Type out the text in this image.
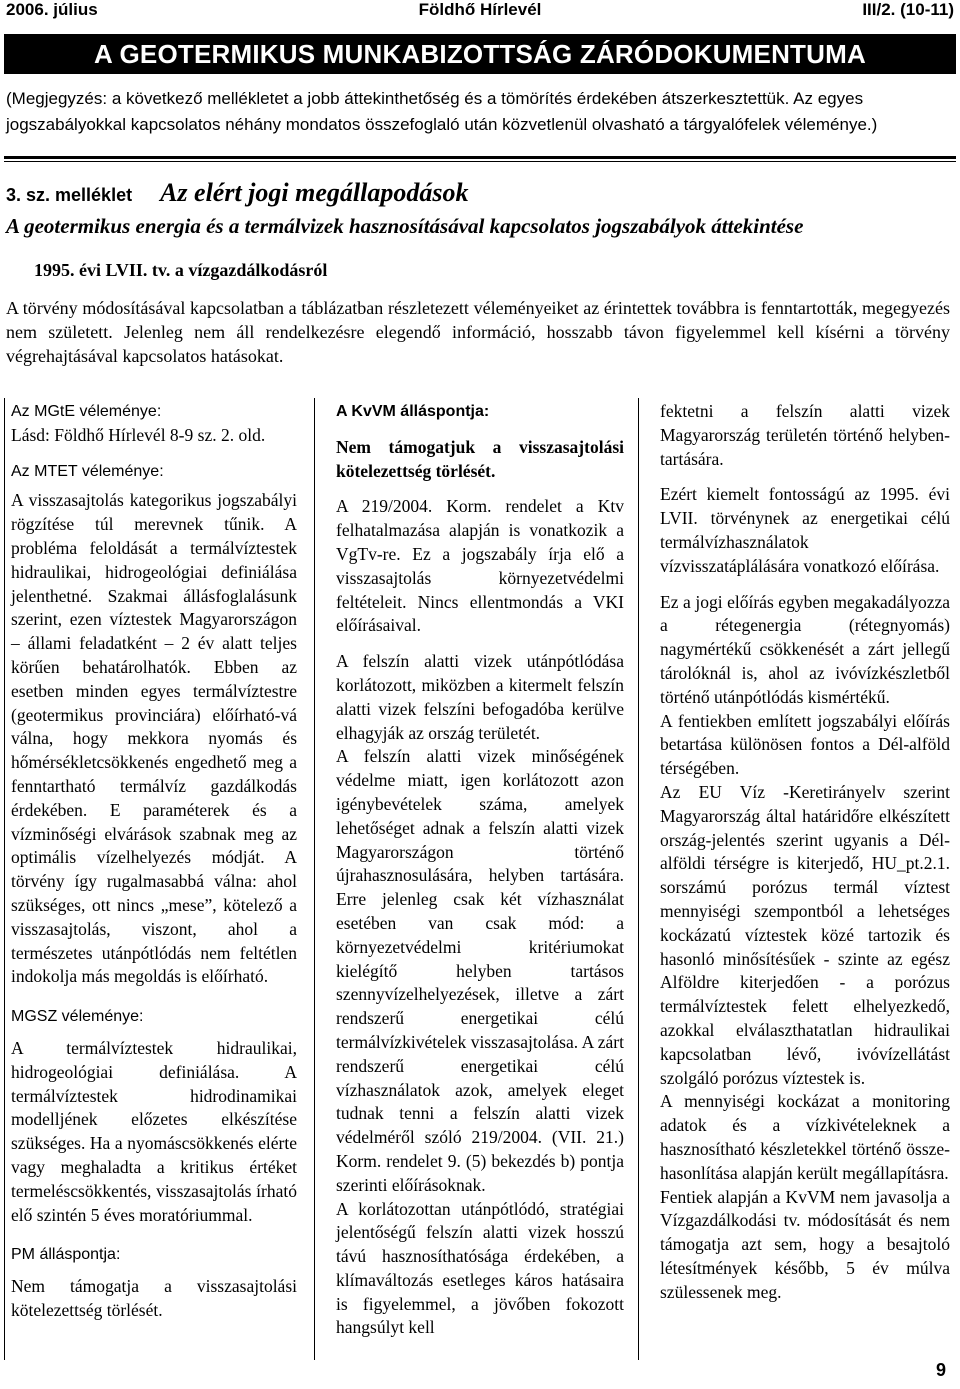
2006. július	Földhő Hírlevél	III/2. (10-11)
A GEOTERMIKUS MUNKABIZOTTSÁG ZÁRÓDOKUMENTUMA
(Megjegyzés: a következő mellékletet a jobb áttekinthetőség és a tömörítés érdekében átszerkesztettük. Az egyes jogszabályokkal kapcsolatos néhány mondatos összefoglaló után közvetlenül olvasható a tárgyalófelek véleménye.)
3. sz. melléklet Az elért jogi megállapodások
A geotermikus energia és a termálvizek hasznosításával kapcsolatos jogszabályok áttekintése
1995. évi LVII. tv. a vízgazdálkodásról
A törvény módosításával kapcsolatban a táblázatban részletezett véleményeiket az érintettek továbbra is fenntartották, megegyezés nem született. Jelenleg nem áll rendelkezésre elegendő információ, hosszabb távon figyelemmel kell kísérni a törvény végrehajtásával kapcsolatos hatásokat.

Az MGtE véleménye:

Lásd: Földhő Hírlevél 8-9 sz. 2. old.

Az MTET véleménye:

A visszasajtolás kategorikus jogszabályi rögzítése túl merevnek tűnik. A probléma feloldását a termálvíztestek hidraulikai, hidrogeológiai definiálása jelenthetné. Szakmai állásfoglalásunk szerint, ezen víztestek Magyarországon – állami feladatként – 2 év alatt teljes körűen behatárolhatók. Ebben az esetben minden egyes termálvíztestre (geotermikus provinciára) előírható-vá válna, hogy mekkora nyomás és hőmérsékletcsökkenés engedhető meg a fenntartható termálvíz gazdálkodás érdekében. E paraméterek és a vízminőségi elvárások szabnak meg az optimális vízelhelyezés módját. A törvény így rugalmasabbá válna: ahol szükséges, ott nincs „mese”, kötelező a visszasajtolás, viszont, ahol a természetes utánpótlódás nem feltétlen indokolja más megoldás is előírható.

MGSZ véleménye:

A termálvíztestek hidraulikai, hidrogeológiai definiálása. A termálvíztestek hidrodinamikai modelljének előzetes elkészítése szükséges. Ha a nyomáscsökkenés elérte vagy meghaladta a kritikus értéket termeléscsökkentés, visszasajtolás írható elő szintén 5 éves moratóriummal.

PM álláspontja:

Nem támogatja a visszasajtolási kötelezettség törlését.

A KvVM álláspontja:

Nem támogatjuk a visszasajtolási kötelezettség törlését.

A 219/2004. Korm. rendelet a Ktv felhatalmazása alapján is vonatkozik a VgTv-re. Ez a jogszabály írja elő a visszasajtolás környezetvédelmi feltételeit. Nincs ellentmondás a VKI előírásaival.

A felszín alatti vizek utánpótlódása korlátozott, miközben a kitermelt felszín alatti vizek felszíni befogadóba kerülve elhagyják az ország területét.

A felszín alatti vizek minőségének védelme miatt, igen korlátozott azon igénybevételek száma, amelyek lehetőséget adnak a felszín alatti vizek Magyarországon történő újrahasznosulására, helyben tartására. Erre jelenleg csak két vízhasználat esetében van csak mód: a környezetvédelmi kritériumokat kielégítő helyben tartásos szennyvízelhelyezések, illetve a zárt rendszerű energetikai célú termálvízkivételek visszasajtolása. A zárt rendszerű energetikai célú vízhasználatok azok, amelyek eleget tudnak tenni a felszín alatti vizek védelméről szóló 219/2004. (VII. 21.) Korm. rendelet 9. (5) bekezdés b) pontja szerinti előírásoknak.

A korlátozottan utánpótlódó, stratégiai jelentőségű felszín alatti vizek hosszú távú hasznosíthatósága érdekében, a klímaváltozás esetleges káros hatásaira is figyelemmel, a jövőben fokozott hangsúlyt kell

fektetni a felszín alatti vizek Magyarország területén történő helyben-tartására.

Ezért kiemelt fontosságú az 1995. évi LVII. törvénynek az energetikai célú termálvízhasználatok vízvisszatáplálására vonatkozó előírása.

Ez a jogi előírás egyben megakadályozza a rétegenergia (rétegnyomás) nagymértékű csökkenését a zárt jellegű tárolóknál is, ahol az ivóvízkészletből történő utánpótlódás kismértékű.

A fentiekben említett jogszabályi előírás betartása különösen fontos a Dél-alföld térségében.

Az EU Víz -Keretirányelv szerint Magyarország által határidőre elkészített ország-jelentés szerint ugyanis a Dél-alföldi térségre is kiterjedő, HU_pt.2.1. sorszámú porózus termál víztest mennyiségi szempontból a lehetséges kockázatú víztestek közé tartozik és hasonló minősítésűek - szinte az egész Alföldre kiterjedően - a porózus termálvíztestek felett elhelyezkedő, azokkal elválaszthatatlan hidraulikai kapcsolatban lévő, ivóvízellátást szolgáló porózus víztestek is.

A mennyiségi kockázat a monitoring adatok és a vízkivételeknek a hasznosítható készletekkel történő össze-hasonlítása alapján került megállapításra.

Fentiek alapján a KvVM nem javasolja a Vízgazdálkodási tv. módosítását és nem támogatja azt sem, hogy a besajtoló létesítmények később, 5 év múlva szülessenek meg.

9
